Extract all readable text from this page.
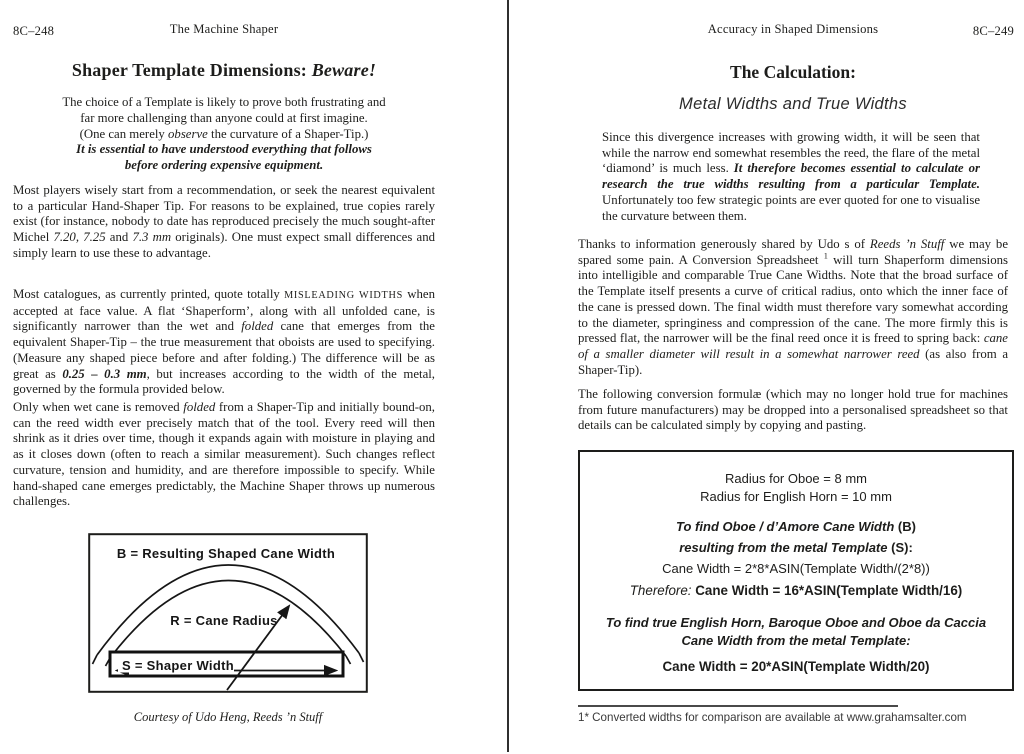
8C–248	The Machine Shaper
Shaper Template Dimensions: Beware!
The choice of a Template is likely to prove both frustrating and
far more challenging than anyone could at first imagine.
(One can merely observe the curvature of a Shaper-Tip.)
It is essential to have understood everything that follows
before ordering expensive equipment.
Most players wisely start from a recommendation, or seek the nearest equivalent to a particular Hand-Shaper Tip. For reasons to be explained, true copies rarely exist (for instance, nobody to date has reproduced precisely the much sought-after Michel 7.20, 7.25 and 7.3 mm originals). One must expect small differences and simply learn to use these to advantage.
Most catalogues, as currently printed, quote totally MISLEADING WIDTHS when accepted at face value. A flat ‘Shaperform’, along with all unfolded cane, is significantly narrower than the wet and folded cane that emerges from the equivalent Shaper-Tip – the true measurement that oboists are used to specifying. (Measure any shaped piece before and after folding.) The difference will be as great as 0.25 – 0.3 mm, but increases according to the width of the metal, governed by the formula provided below.
Only when wet cane is removed folded from a Shaper-Tip and initially bound-on, can the reed width ever precisely match that of the tool. Every reed will then shrink as it dries over time, though it expands again with moisture in playing and as it closes down (often to reach a similar measurement). Such changes reflect curvature, tension and humidity, and are therefore impossible to specify. While hand-shaped cane emerges predictably, the Machine Shaper throws up numerous challenges.
B = Resulting Shaped Cane Width
R = Cane Radius
S = Shaper Width
Courtesy of Udo Heng, Reeds ’n Stuff
Accuracy in Shaped Dimensions	8C–249
The Calculation:
Metal Widths and True Widths
Since this divergence increases with growing width, it will be seen that while the narrow end somewhat resembles the reed, the flare of the metal ‘diamond’ is much less. It therefore becomes essential to calculate or research the true widths resulting from a particular Template. Unfortunately too few strategic points are ever quoted for one to visualise the curvature between them.
Thanks to information generously shared by Udo s of Reeds ’n Stuff we may be spared some pain. A Conversion Spreadsheet $^1$ will turn Shaperform dimensions into intelligible and comparable True Cane Widths. Note that the broad surface of the Template itself presents a curve of critical radius, onto which the inner face of the cane is pressed down. The final width must therefore vary somewhat according to the diameter, springiness and compression of the cane. The more firmly this is pressed flat, the narrower will be the final reed once it is freed to spring back: cane of a smaller diameter will result in a somewhat narrower reed (as also from a Shaper-Tip).
The following conversion formulæ (which may no longer hold true for machines from future manufacturers) may be dropped into a personalised spreadsheet so that details can be calculated simply by copying and pasting.
Radius for Oboe = 8 mm
Radius for English Horn = 10 mm
To find Oboe / d’Amore Cane Width (B)
resulting from the metal Template (S):
Cane Width = 2*8*ASIN(Template Width/(2*8))
Therefore: Cane Width = 16*ASIN(Template Width/16)
To find true English Horn, Baroque Oboe and Oboe da Caccia
Cane Width from the metal Template:
Cane Width = 20*ASIN(Template Width/20)
1* Converted widths for comparison are available at www.grahamsalter.com
